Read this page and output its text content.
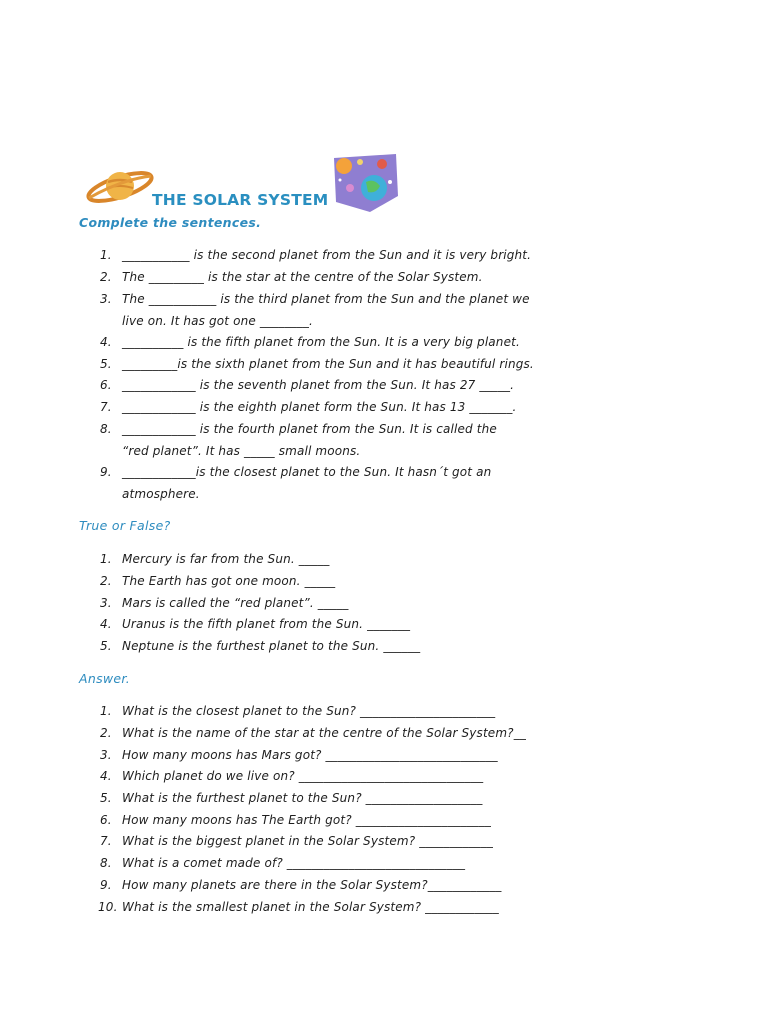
THE SOLAR SYSTEM
Complete the sentences.
1. ___________ is the second planet from the Sun and it is very bright.
2. The _________ is the star at the centre of the Solar System.
3. The ___________ is the third planet from the Sun and the planet we
live on. It has got one ________.
4. __________ is the fifth planet from the Sun. It is a very big planet.
5. _________is the sixth planet from the Sun and it has beautiful rings.
6. ____________ is the seventh planet from the Sun. It has 27 _____.
7. ____________ is the eighth planet form the Sun. It has 13 _______.
8. ____________ is the fourth planet from the Sun. It is called the
“red planet”. It has _____ small moons.
9. ____________is the closest planet to the Sun. It hasn´t got an
atmosphere.
True or False?
1. Mercury is far from the Sun. _____
2. The Earth has got one moon. _____
3. Mars is called the “red planet”. _____
4. Uranus is the fifth planet from the Sun. _______
5. Neptune is the furthest planet to the Sun. ______
Answer.
1. What is the closest planet to the Sun? ______________________
2. What is the name of the star at the centre of the Solar System?__
3. How many moons has Mars got? ____________________________
4. Which planet do we live on? ______________________________
5. What is the furthest planet to the Sun? ___________________
6. How many moons has The Earth got? ______________________
7. What is the biggest planet in the Solar System? ____________
8. What is a comet made of? _____________________________
9. How many planets are there in the Solar System?____________
10. What is the smallest planet in the Solar System? ____________
